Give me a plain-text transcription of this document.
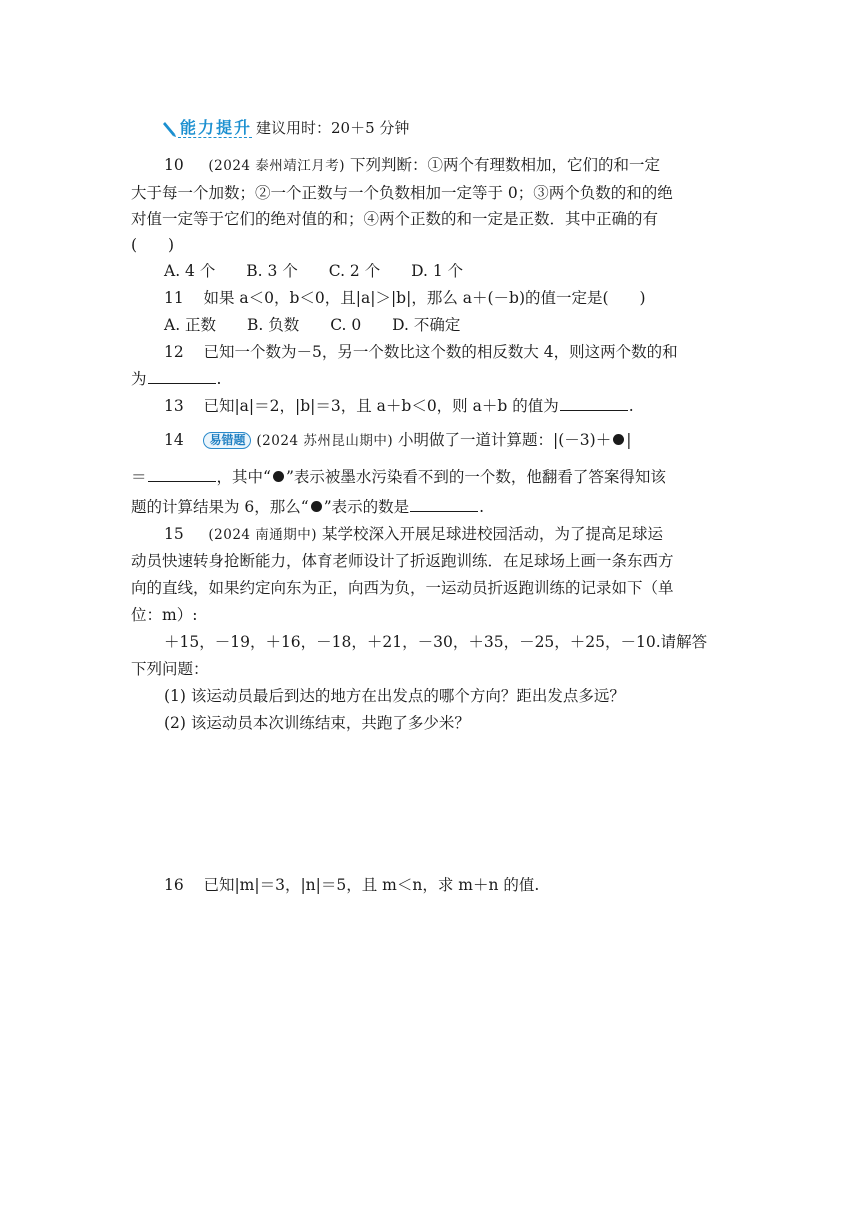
能力提升 建议用时：20＋5 分钟
10 (2024 泰州靖江月考) 下列判断：①两个有理数相加，它们的和一定
大于每一个加数；②一个正数与一个负数相加一定等于 0；③两个负数的和的绝
对值一定等于它们的绝对值的和；④两个正数的和一定是正数．其中正确的有
(　　)
A. 4 个 B. 3 个 C. 2 个 D. 1 个
11 如果 a＜0，b＜0，且|a|＞|b|，那么 a＋(－b)的值一定是(　　)
A. 正数 B. 负数 C. 0 D. 不确定
12 已知一个数为－5，另一个数比这个数的相反数大 4，则这两个数的和
为	.
13 已知|a|＝2，|b|＝3，且 a＋b＜0，则 a＋b 的值为	.
14 易错题 (2024 苏州昆山期中) 小明做了一道计算题：|(－3)＋ |
＝	，其中“ ”表示被墨水污染看不到的一个数，他翻看了答案得知该
题的计算结果为 6，那么“ ”表示的数是	.
15 (2024 南通期中) 某学校深入开展足球进校园活动，为了提高足球运
动员快速转身抢断能力，体育老师设计了折返跑训练．在足球场上画一条东西方
向的直线，如果约定向东为正，向西为负，一运动员折返跑训练的记录如下（单
位：m）:
＋15，－19，＋16，－18，＋21，－30，＋35，－25，＋25，－10.请解答
下列问题：
(1) 该运动员最后到达的地方在出发点的哪个方向？距出发点多远？
(2) 该运动员本次训练结束，共跑了多少米？
16 已知|m|＝3，|n|＝5，且 m＜n，求 m＋n 的值.
